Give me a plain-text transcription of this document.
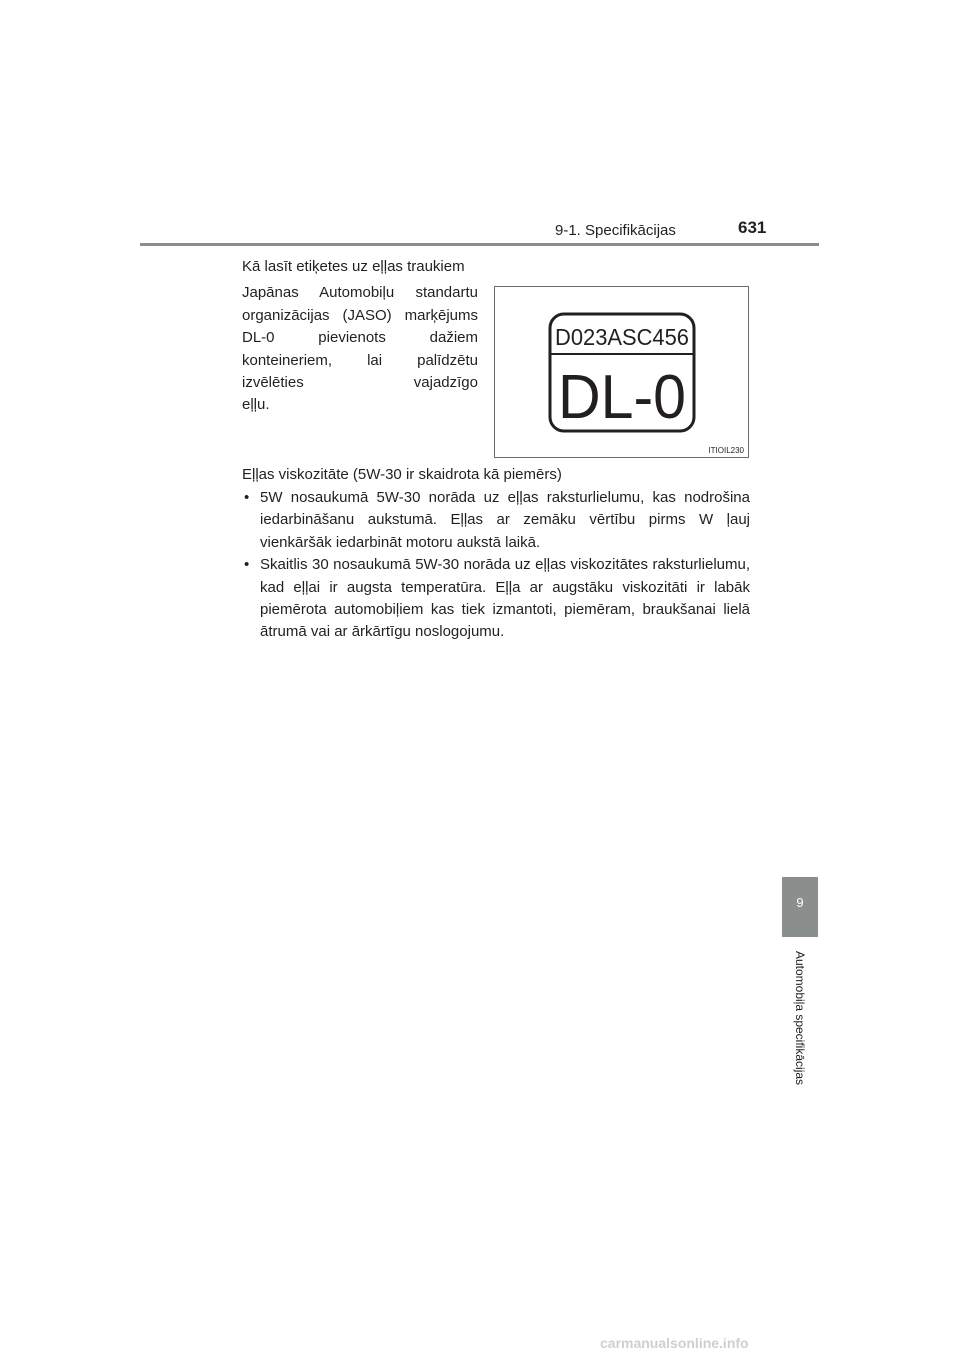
9-1. Specifikācijas	631
Kā lasīt etiķetes uz eļļas traukiem
Japānas Automobiļu standartu organizācijas (JASO) marķējums DL-0 pievienots dažiem konteineriem, lai palīdzētu izvēlēties vajadzīgo
eļļu.
D023ASC456
DL-0
ITIOIL230
Eļļas viskozitāte (5W-30 ir skaidrota kā piemērs)
• 5W nosaukumā 5W-30 norāda uz eļļas raksturlielumu, kas nodrošina iedarbināšanu aukstumā. Eļļas ar zemāku vērtību pirms W ļauj vienkāršāk iedarbināt motoru aukstā laikā.
• Skaitlis 30 nosaukumā 5W-30 norāda uz eļļas viskozitātes raksturlielumu, kad eļļai ir augsta temperatūra. Eļļa ar augstāku viskozitāti ir labāk piemērota automobiļiem kas tiek izmantoti, piemēram, braukšanai lielā ātrumā vai ar ārkārtīgu noslogojumu.
9
Automobiļa specifikācijas
carmanualsonline.info
